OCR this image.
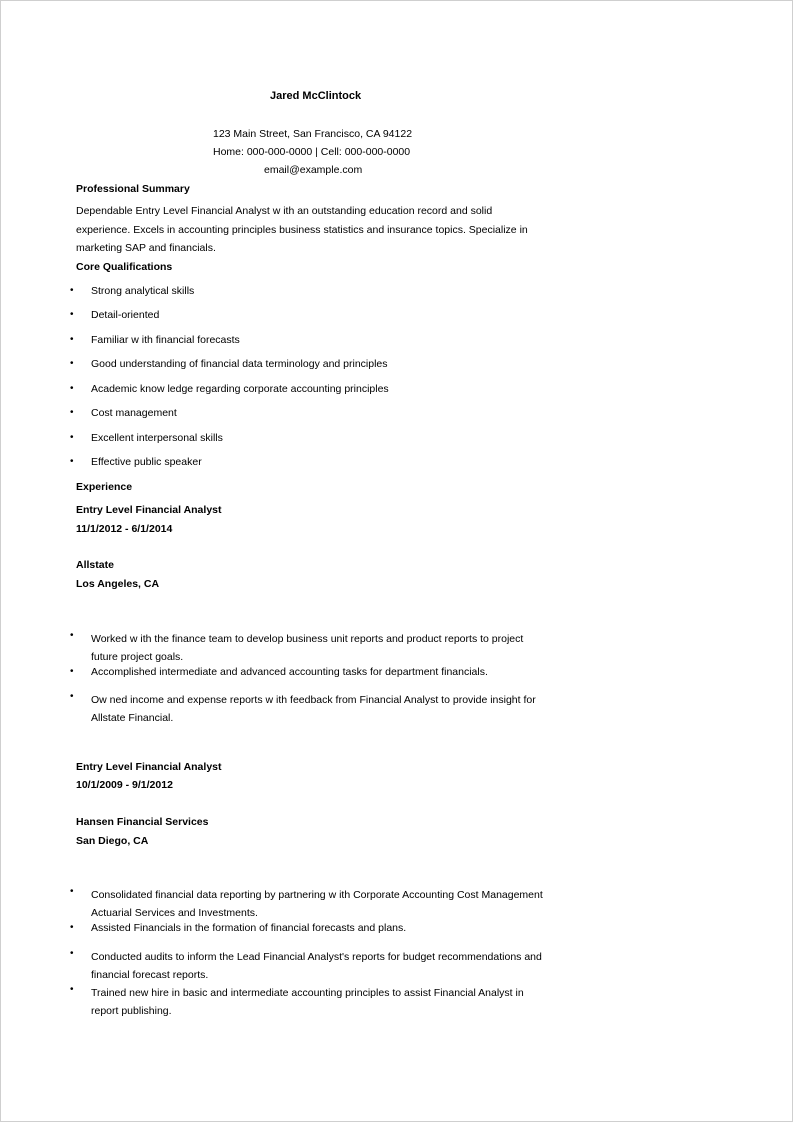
Jared McClintock
123 Main Street, San Francisco, CA 94122
Home: 000-000-0000 | Cell: 000-000-0000
email@example.com
Professional Summary
Dependable Entry Level Financial Analyst w ith an outstanding education record and solid experience. Excels in accounting principles business statistics and insurance topics. Specialize in marketing SAP and financials.
Core Qualifications
•	Strong analytical skills
•	Detail-oriented
•	Familiar w ith financial forecasts
•	Good understanding of financial data terminology and principles
•	Academic know ledge regarding corporate accounting principles
•	Cost management
•	Excellent interpersonal skills
•	Effective public speaker
Experience
Entry Level Financial Analyst
11/1/2012 - 6/1/2014
Allstate
Los Angeles, CA
•	Worked w ith the finance team to develop business unit reports and product reports to project future project goals.
•	Accomplished intermediate and advanced accounting tasks for department financials.
•	Ow ned income and expense reports w ith feedback from Financial Analyst to provide insight for Allstate Financial.
Entry Level Financial Analyst
10/1/2009 - 9/1/2012
Hansen Financial Services
San Diego, CA
•	Consolidated financial data reporting by partnering w ith Corporate Accounting Cost Management Actuarial Services and Investments.
•	Assisted Financials in the formation of financial forecasts and plans.
•	Conducted audits to inform the Lead Financial Analyst's reports for budget recommendations and financial forecast reports.
•	Trained new hire in basic and intermediate accounting principles to assist Financial Analyst in report publishing.
